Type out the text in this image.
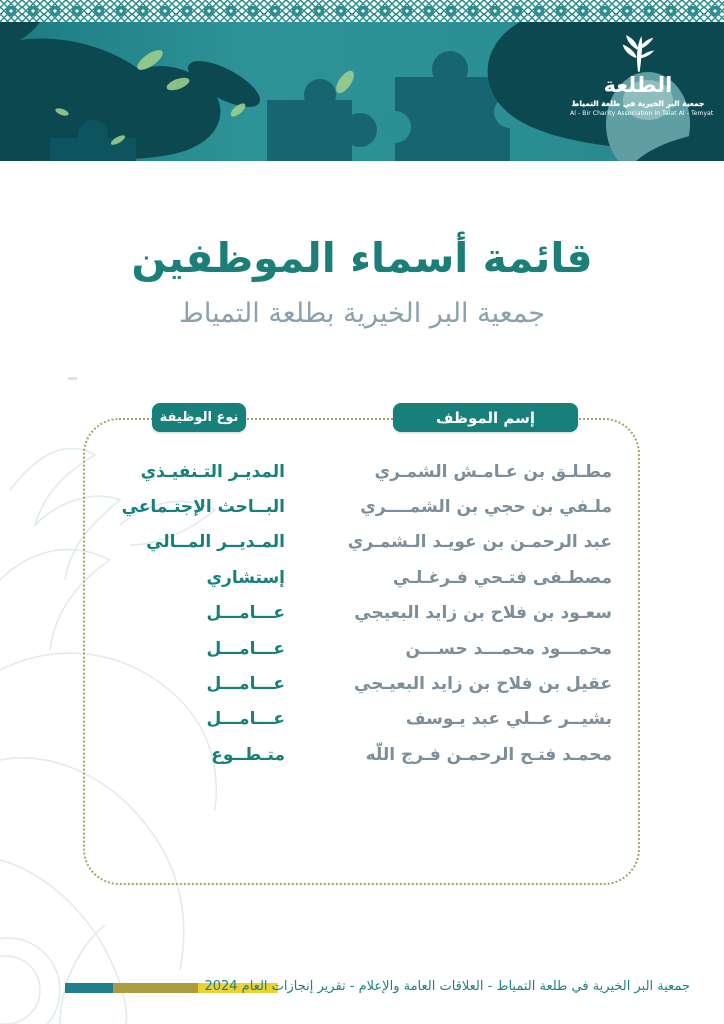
الطلعة
جمعية البر الخيرية في طلعة التمياط
Al - Bir Charity Association in Talat Al - Temyat
قائمة أسماء الموظفين
جمعية البر الخيرية بطلعة التمياط
إسم الموظف
نوع الوظيفة
مطـلـق بن عـامـش الشمـري
المديـر التـنفيـذي
ملـفي بن حجي بن الشمــــري
البــاحث الإجتـماعي
عبد الرحمـن بن عويـد الـشمـري
المـديــر المــالي
مصطـفى فتـحي فـرغـلـي
إستشاري
سعـود بن فلاح بن زايد البعيجي
عـــامـــل
محمـــود محمـــد حســـن
عـــامـــل
عقيل بن فلاح بن زايد البعيـجي
عـــامـــل
بشيــر عــلي عبد يـوسف
عـــامـــل
محمـد فتـح الرحمـن فـرج اللّه
متـطــوع
جمعية البر الخيرية في طلعة التمياط - العلاقات العامة والإعلام - تقرير إنجازات العام 2024
